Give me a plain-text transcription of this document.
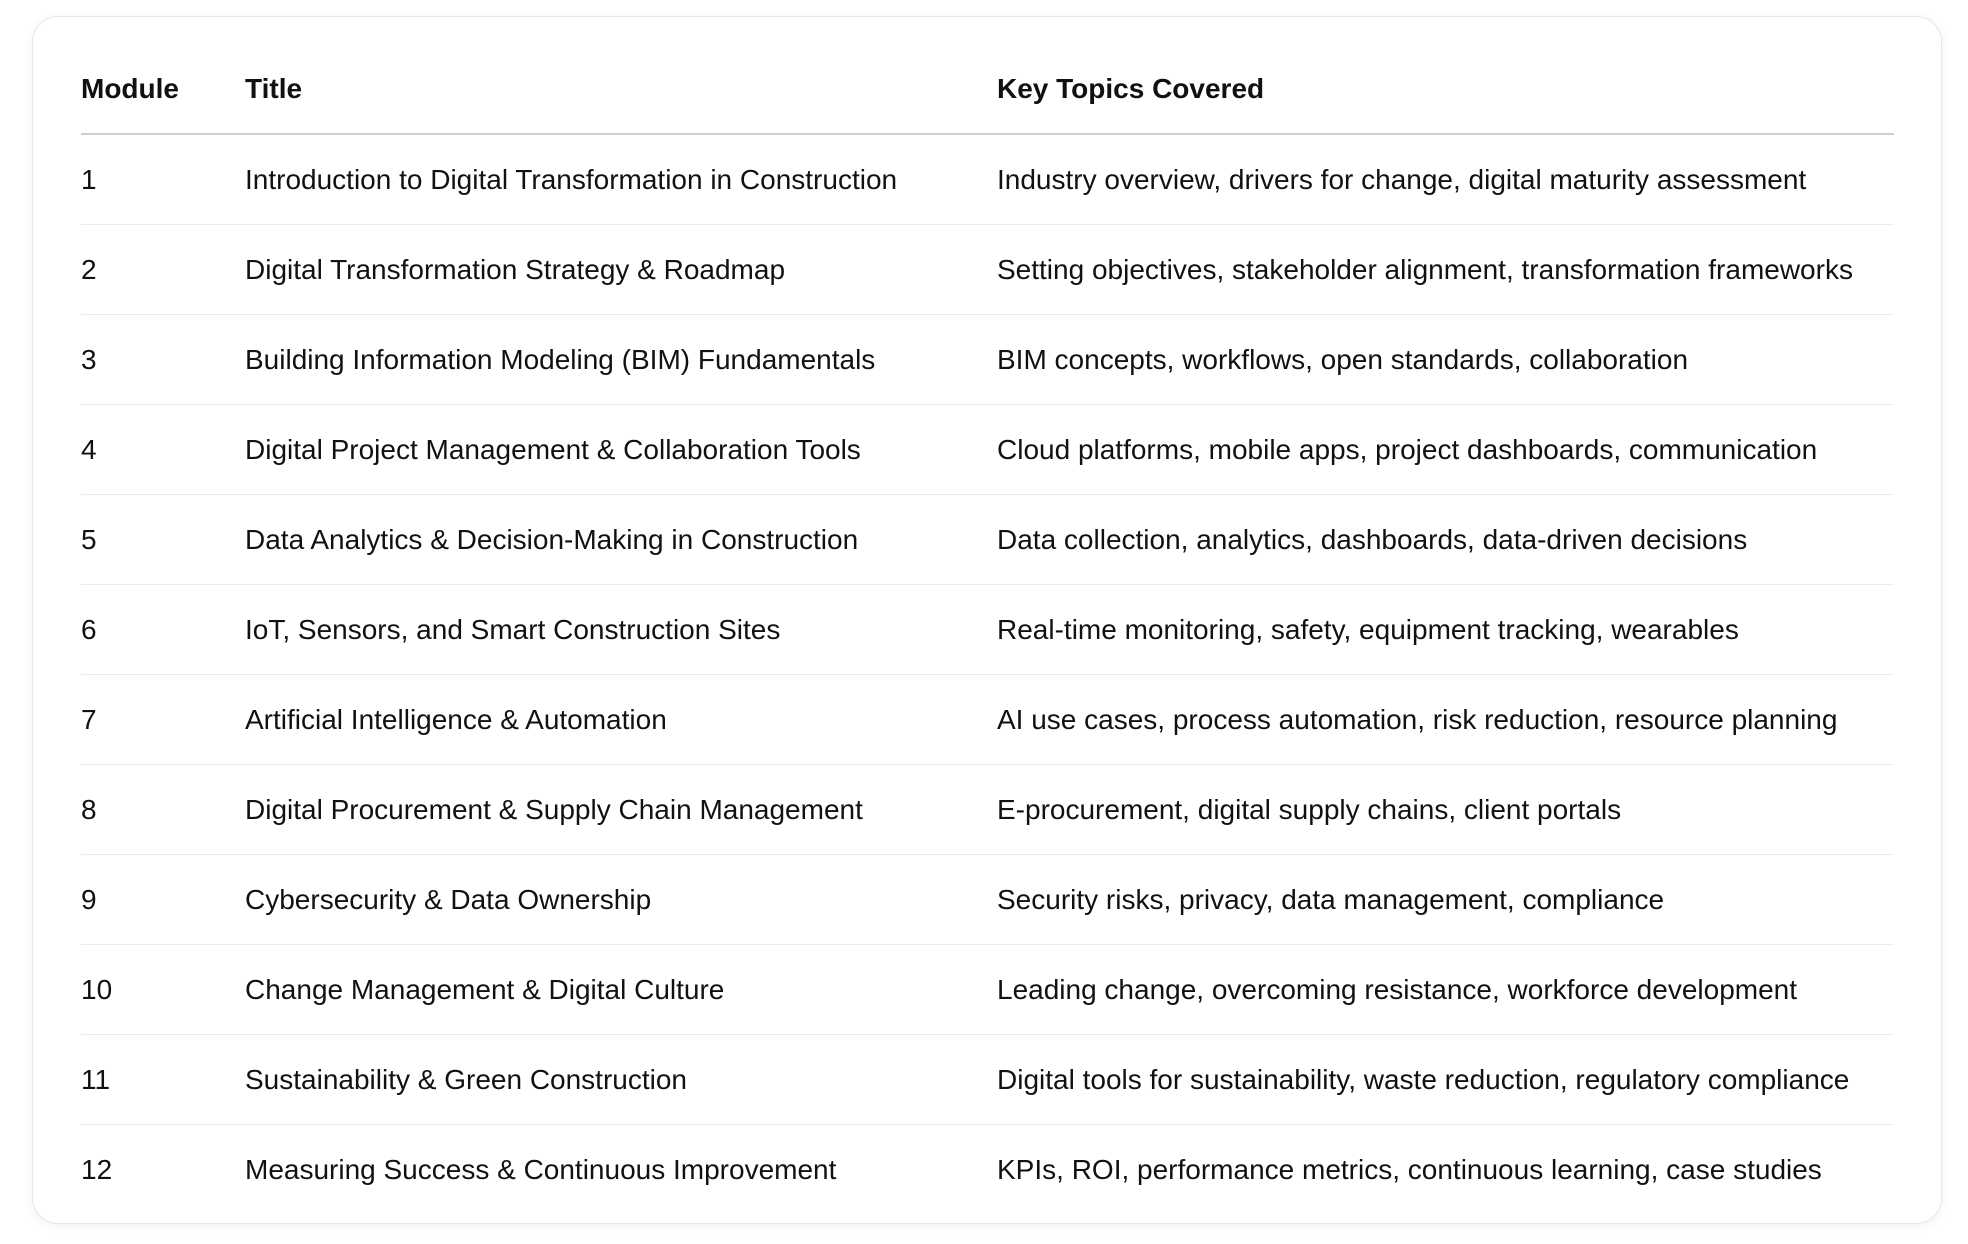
Module	Title	Key Topics Covered
1	Introduction to Digital Transformation in Construction	Industry overview, drivers for change, digital maturity assessment
2	Digital Transformation Strategy & Roadmap	Setting objectives, stakeholder alignment, transformation frameworks
3	Building Information Modeling (BIM) Fundamentals	BIM concepts, workflows, open standards, collaboration
4	Digital Project Management & Collaboration Tools	Cloud platforms, mobile apps, project dashboards, communication
5	Data Analytics & Decision-Making in Construction	Data collection, analytics, dashboards, data-driven decisions
6	IoT, Sensors, and Smart Construction Sites	Real-time monitoring, safety, equipment tracking, wearables
7	Artificial Intelligence & Automation	AI use cases, process automation, risk reduction, resource planning
8	Digital Procurement & Supply Chain Management	E-procurement, digital supply chains, client portals
9	Cybersecurity & Data Ownership	Security risks, privacy, data management, compliance
10	Change Management & Digital Culture	Leading change, overcoming resistance, workforce development
11	Sustainability & Green Construction	Digital tools for sustainability, waste reduction, regulatory compliance
12	Measuring Success & Continuous Improvement	KPIs, ROI, performance metrics, continuous learning, case studies
